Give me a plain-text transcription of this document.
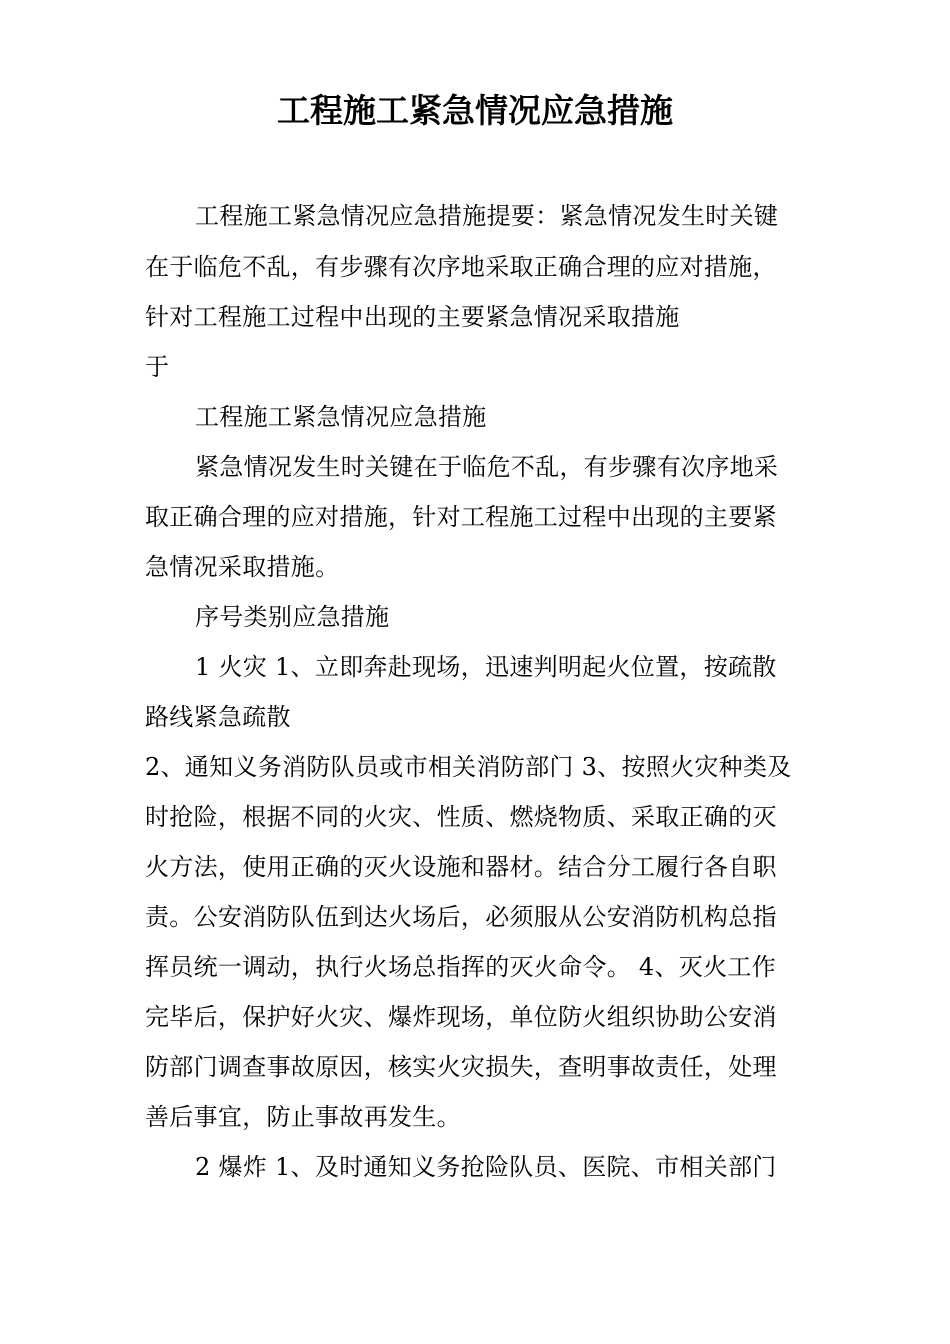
工程施工紧急情况应急措施
工程施工紧急情况应急措施提要：紧急情况发生时关键
在于临危不乱，有步骤有次序地采取正确合理的应对措施，
针对工程施工过程中出现的主要紧急情况采取措施
于
工程施工紧急情况应急措施
紧急情况发生时关键在于临危不乱，有步骤有次序地采
取正确合理的应对措施，针对工程施工过程中出现的主要紧
急情况采取措施。
序号类别应急措施
1 火灾 1、立即奔赴现场，迅速判明起火位置，按疏散
路线紧急疏散
2、通知义务消防队员或市相关消防部门 3、按照火灾种类及
时抢险，根据不同的火灾、性质、燃烧物质、采取正确的灭
火方法，使用正确的灭火设施和器材。结合分工履行各自职
责。公安消防队伍到达火场后，必须服从公安消防机构总指
挥员统一调动，执行火场总指挥的灭火命令。 4、灭火工作
完毕后，保护好火灾、爆炸现场，单位防火组织协助公安消
防部门调查事故原因，核实火灾损失，查明事故责任，处理
善后事宜，防止事故再发生。
2 爆炸 1、及时通知义务抢险队员、医院、市相关部门
